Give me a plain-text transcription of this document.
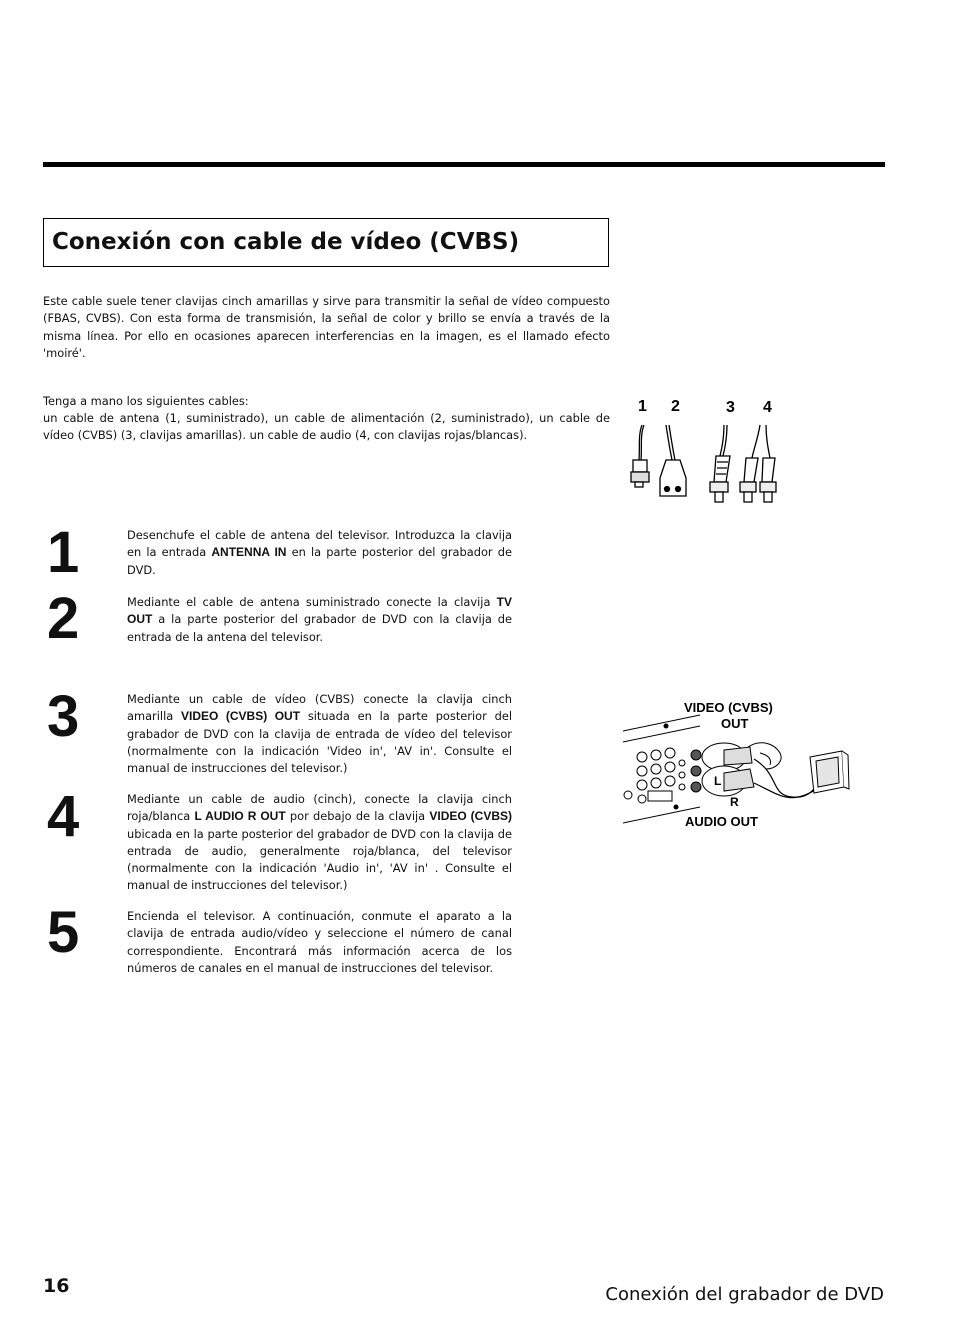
Conexión con cable de vídeo (CVBS)

Este cable suele tener clavijas cinch amarillas y sirve para transmitir la señal de vídeo compuesto (FBAS, CVBS). Con esta forma de transmisión, la señal de color y brillo se envía a través de la misma línea. Por ello en ocasiones aparecen interferencias en la imagen, es el llamado efecto 'moiré'.

Tenga a mano los siguientes cables:

un cable de antena (1, suministrado), un cable de alimentación (2, suministrado), un cable de vídeo (CVBS) (3, clavijas amarillas). un cable de audio (4, con clavijas rojas/blancas).

1 2	3 4
1	Desenchufe el cable de antena del televisor. Introduzca la clavija en la entrada ANTENNA IN en la parte posterior del grabador de DVD.

2	Mediante el cable de antena suministrado conecte la clavija TV OUT a la parte posterior del grabador de DVD con la clavija de entrada de la antena del televisor.

3	Mediante un cable de vídeo (CVBS) conecte la clavija cinch amarilla VIDEO (CVBS) OUT situada en la parte posterior del grabador de DVD con la clavija de entrada de vídeo del televisor (normalmente con la indicación 'Video in', 'AV in'. Consulte el manual de instrucciones del televisor.)

4	Mediante un cable de audio (cinch), conecte la clavija cinch roja/blanca L AUDIO R OUT por debajo de la clavija VIDEO (CVBS) ubicada en la parte posterior del grabador de DVD con la clavija de entrada de audio, generalmente roja/blanca, del televisor (normalmente con la indicación 'Audio in', 'AV in' . Consulte el manual de instrucciones del televisor.)

5	Encienda el televisor. A continuación, conmute el aparato a la clavija de entrada audio/vídeo y seleccione el número de canal correspondiente. Encontrará más información acerca de los números de canales en el manual de instrucciones del televisor.

VIDEO (CVBS)
OUT
L
R
AUDIO OUT
16	Conexión del grabador de DVD
